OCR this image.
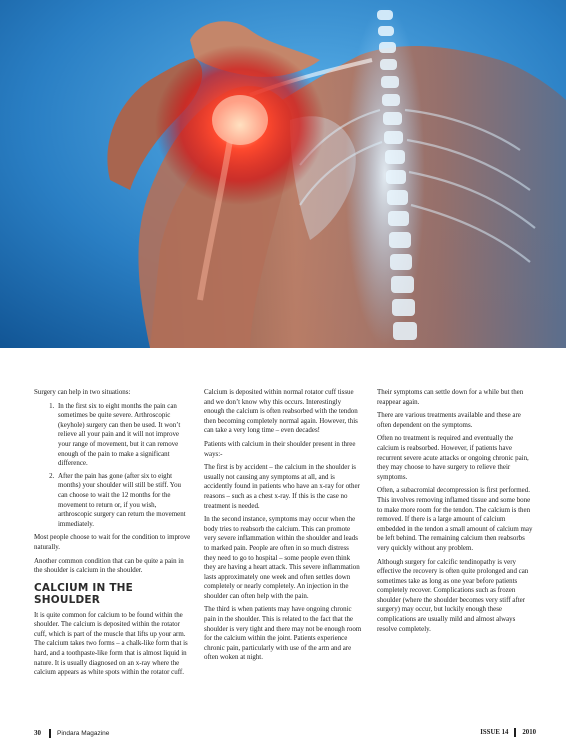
Surgery can help in two situations:

1. In the first six to eight months the pain can sometimes be quite severe. Arthroscopic (keyhole) surgery can then be used. It won’t relieve all your pain and it will not improve your range of movement, but it can remove enough of the pain to make a significant difference.
2. After the pain has gone (after six to eight months) your shoulder will still be stiff. You can choose to wait the 12 months for the movement to return or, if you wish, arthroscopic surgery can return the movement immediately.

Most people choose to wait for the condition to improve naturally.

Another common condition that can be quite a pain in the shoulder is calcium in the shoulder.

CALCIUM IN THE SHOULDER

It is quite common for calcium to be found within the shoulder. The calcium is deposited within the rotator cuff, which is part of the muscle that lifts up your arm. The calcium takes two forms – a chalk-like form that is hard, and a toothpaste-like form that is almost liquid in nature. It is usually diagnosed on an x-ray where the calcium appears as white spots within the rotator cuff.

Calcium is deposited within normal rotator cuff tissue and we don’t know why this occurs. Interestingly enough the calcium is often reabsorbed with the tendon then becoming completely normal again. However, this can take a very long time – even decades!

Patients with calcium in their shoulder present in three ways:-

The first is by accident – the calcium in the shoulder is usually not causing any symptoms at all, and is accidently found in patients who have an x-ray for other reasons – such as a chest x-ray. If this is the case no treatment is needed.

In the second instance, symptoms may occur when the body tries to reabsorb the calcium. This can promote very severe inflammation within the shoulder and leads to marked pain. People are often in so much distress they need to go to hospital – some people even think they are having a heart attack. This severe inflammation lasts approximately one week and often settles down completely or nearly completely. An injection in the shoulder can often help with the pain.

The third is when patients may have ongoing chronic pain in the shoulder. This is related to the fact that the shoulder is very tight and there may not be enough room for the calcium within the joint. Patients experience chronic pain, particularly with use of the arm and are often woken at night.

Their symptoms can settle down for a while but then reappear again.

There are various treatments available and these are often dependent on the symptoms.

Often no treatment is required and eventually the calcium is reabsorbed. However, if patients have recurrent severe acute attacks or ongoing chronic pain, they may choose to have surgery to relieve their symptoms.

Often, a subacromial decompression is first performed. This involves removing inflamed tissue and some bone to make more room for the tendon. The calcium is then removed. If there is a large amount of calcium embedded in the tendon a small amount of calcium may be left behind. The remaining calcium then reabsorbs very quickly without any problem.

Although surgery for calcific tendinopathy is very effective the recovery is often quite prolonged and can sometimes take as long as one year before patients completely recover. Complications such as frozen shoulder (where the shoulder becomes very stiff after surgery) may occur, but luckily enough these complications are usually mild and almost always resolve completely.

30 Pindara Magazine	ISSUE 14 2010
